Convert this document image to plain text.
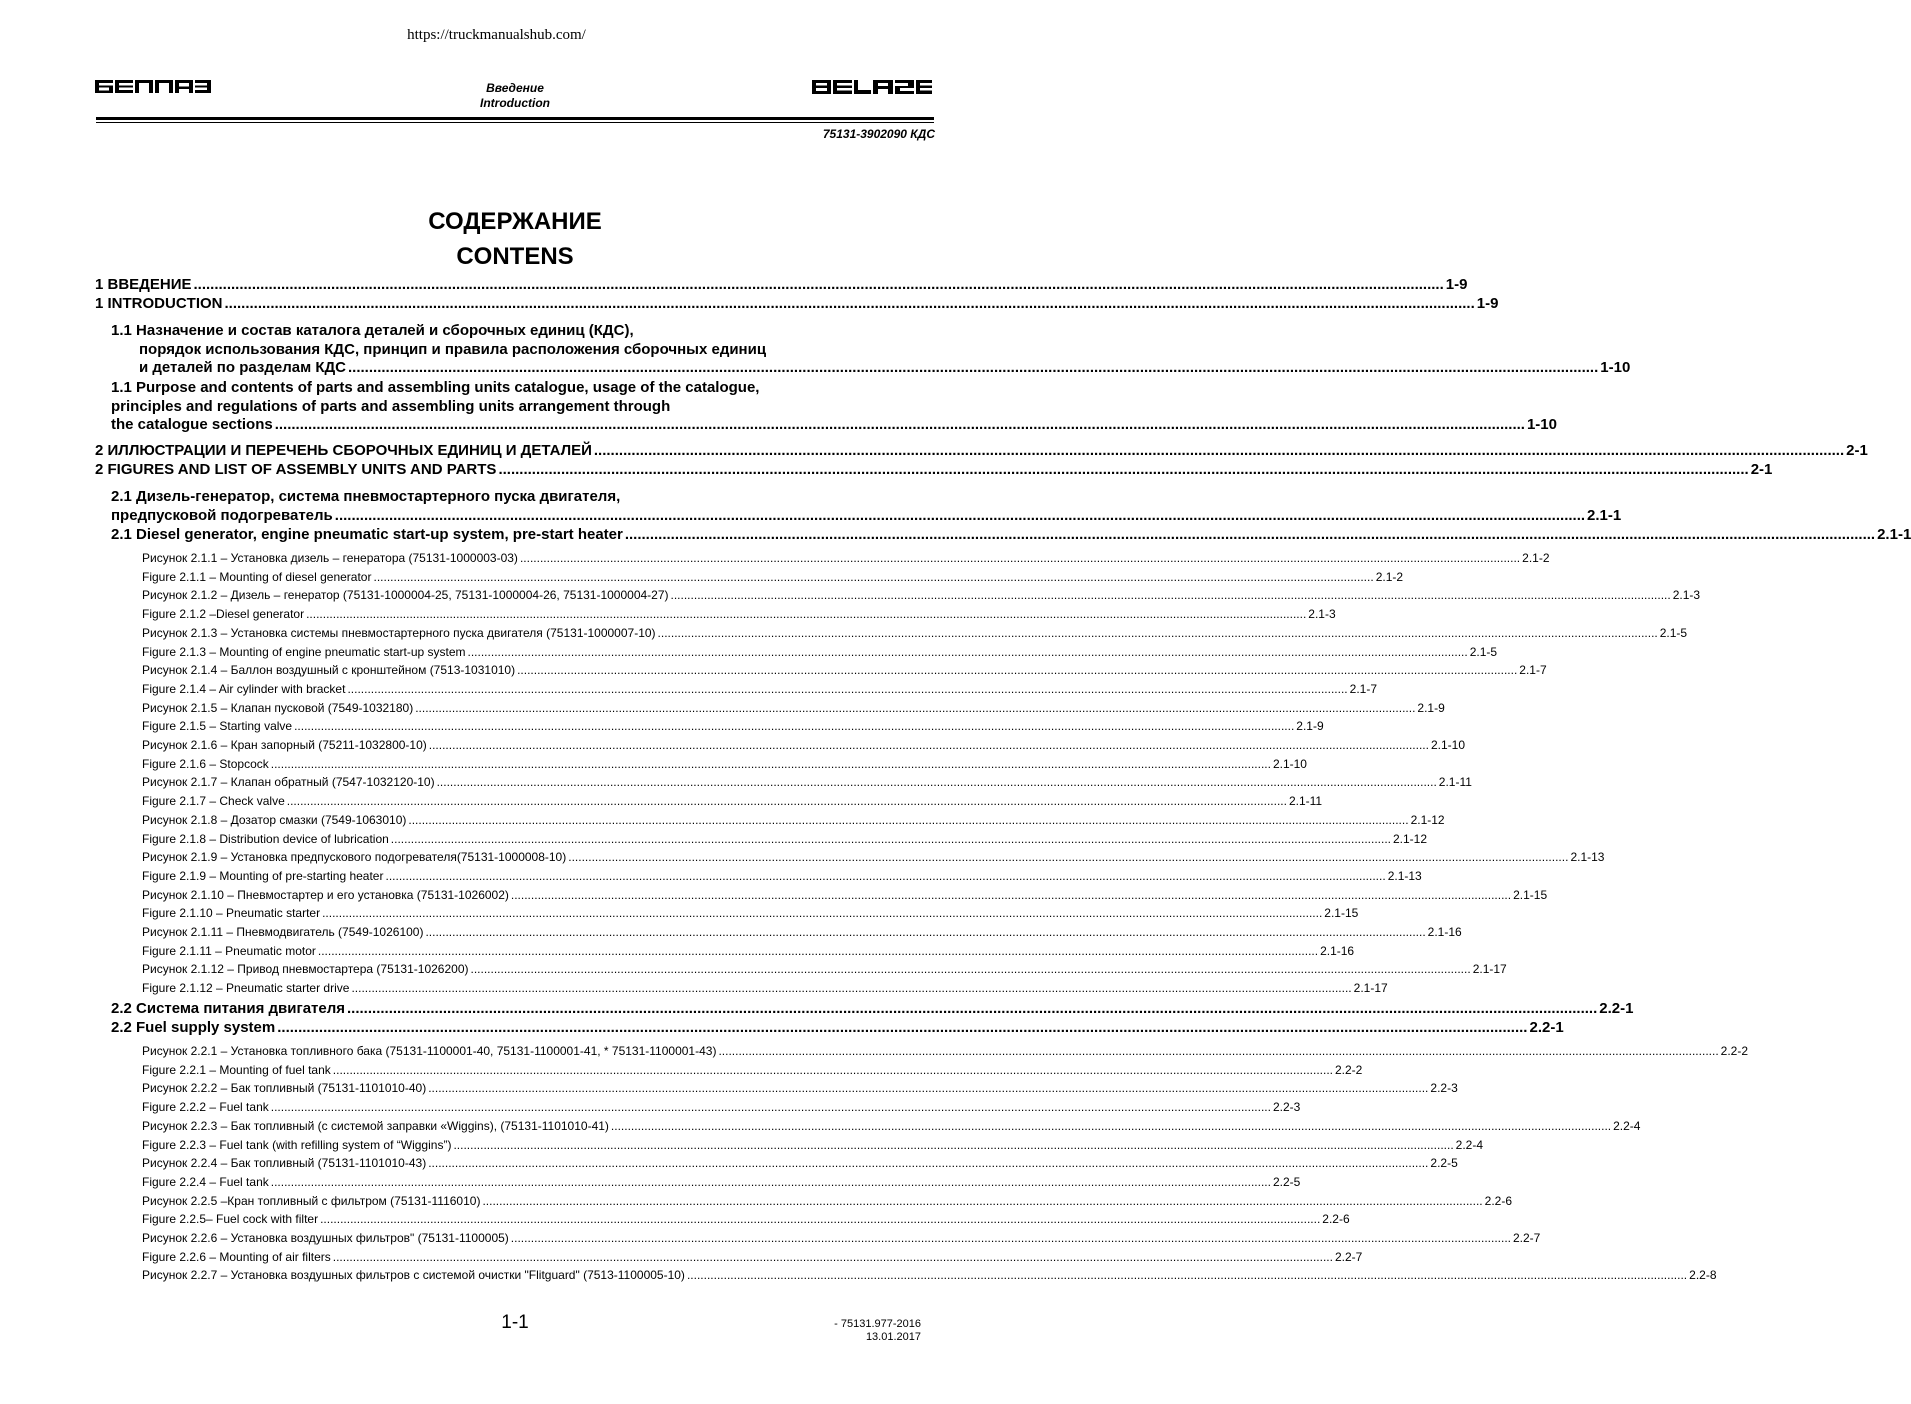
https://truckmanualshub.com/
Введение
Introduction
75131-3902090 КДС
СОДЕРЖАНИЕ
CONTENS
1 ВВЕДЕНИЕ ............................................................................................................................................................................................................................................................................................................ 1-9
1 INTRODUCTION ............................................................................................................................................................................................................................................................................................................ 1-9
1.1 Назначение и состав каталога деталей и сборочных единиц (КДС),
порядок использования КДС, принцип и правила расположения сборочных единиц
и деталей по разделам КДС ............................................................................................................................................................................................................................................................................................................ 1-10
1.1 Purpose and contents of parts and assembling units catalogue, usage of the catalogue,
principles and regulations of parts and assembling units arrangement through
the catalogue sections ............................................................................................................................................................................................................................................................................................................ 1-10
2 ИЛЛЮСТРАЦИИ И ПЕРЕЧЕНЬ СБОРОЧНЫХ ЕДИНИЦ И ДЕТАЛЕЙ ............................................................................................................................................................................................................................................................................................................ 2-1
2 FIGURES AND LIST OF ASSEMBLY UNITS AND PARTS ............................................................................................................................................................................................................................................................................................................ 2-1
2.1 Дизель-генератор, система пневмостартерного пуска двигателя,
предпусковой подогреватель ............................................................................................................................................................................................................................................................................................................ 2.1-1
2.1 Diesel generator, engine pneumatic start-up system, pre-start heater ............................................................................................................................................................................................................................................................................................................ 2.1-1
Рисунок 2.1.1 – Установка дизель – генератора (75131-1000003-03) ............................................................................................................................................................................................................................................................................................................ 2.1-2
Figure 2.1.1 – Mounting of diesel generator ............................................................................................................................................................................................................................................................................................................ 2.1-2
Рисунок 2.1.2 – Дизель – генератор (75131-1000004-25, 75131-1000004-26, 75131-1000004-27) ............................................................................................................................................................................................................................................................................................................ 2.1-3
Figure 2.1.2 –Diesel generator ............................................................................................................................................................................................................................................................................................................ 2.1-3
Рисунок 2.1.3 – Установка системы пневмостартерного пуска двигателя (75131-1000007-10) ............................................................................................................................................................................................................................................................................................................ 2.1-5
Figure 2.1.3 – Mounting of engine pneumatic start-up system ............................................................................................................................................................................................................................................................................................................ 2.1-5
Рисунок 2.1.4 – Баллон воздушный с кронштейном (7513-1031010) ............................................................................................................................................................................................................................................................................................................ 2.1-7
Figure 2.1.4 – Air cylinder with bracket ............................................................................................................................................................................................................................................................................................................ 2.1-7
Рисунок 2.1.5 – Клапан пусковой (7549-1032180) ............................................................................................................................................................................................................................................................................................................ 2.1-9
Figure 2.1.5 – Starting valve ............................................................................................................................................................................................................................................................................................................ 2.1-9
Рисунок 2.1.6 – Кран запорный (75211-1032800-10) ............................................................................................................................................................................................................................................................................................................ 2.1-10
Figure 2.1.6 – Stopcock ............................................................................................................................................................................................................................................................................................................ 2.1-10
Рисунок 2.1.7 – Клапан обратный (7547-1032120-10) ............................................................................................................................................................................................................................................................................................................ 2.1-11
Figure 2.1.7 – Check valve ............................................................................................................................................................................................................................................................................................................ 2.1-11
Рисунок 2.1.8 – Дозатор смазки (7549-1063010) ............................................................................................................................................................................................................................................................................................................ 2.1-12
Figure 2.1.8 – Distribution device of lubrication ............................................................................................................................................................................................................................................................................................................ 2.1-12
Рисунок 2.1.9 – Установка предпускового подогревателя(75131-1000008-10) ............................................................................................................................................................................................................................................................................................................ 2.1-13
Figure 2.1.9 – Mounting of pre-starting heater ............................................................................................................................................................................................................................................................................................................ 2.1-13
Рисунок 2.1.10 – Пневмостартер и его установка (75131-1026002) ............................................................................................................................................................................................................................................................................................................ 2.1-15
Figure 2.1.10 – Pneumatic starter ............................................................................................................................................................................................................................................................................................................ 2.1-15
Рисунок 2.1.11 – Пневмодвигатель (7549-1026100) ............................................................................................................................................................................................................................................................................................................ 2.1-16
Figure 2.1.11 – Pneumatic motor ............................................................................................................................................................................................................................................................................................................ 2.1-16
Рисунок 2.1.12 – Привод пневмостартера (75131-1026200) ............................................................................................................................................................................................................................................................................................................ 2.1-17
Figure 2.1.12 – Pneumatic starter drive ............................................................................................................................................................................................................................................................................................................ 2.1-17
2.2 Система питания двигателя ............................................................................................................................................................................................................................................................................................................ 2.2-1
2.2 Fuel supply system ............................................................................................................................................................................................................................................................................................................ 2.2-1
Рисунок 2.2.1 – Установка топливного бака (75131-1100001-40, 75131-1100001-41, * 75131-1100001-43) ............................................................................................................................................................................................................................................................................................................ 2.2-2
Figure 2.2.1 – Mounting of fuel tank ............................................................................................................................................................................................................................................................................................................ 2.2-2
Рисунок 2.2.2 – Бак топливный (75131-1101010-40) ............................................................................................................................................................................................................................................................................................................ 2.2-3
Figure 2.2.2 – Fuel tank ............................................................................................................................................................................................................................................................................................................ 2.2-3
Рисунок 2.2.3 – Бак топливный (с системой заправки «Wiggins), (75131-1101010-41) ............................................................................................................................................................................................................................................................................................................ 2.2-4
Figure 2.2.3 – Fuel tank (with refilling system of “Wiggins”) ............................................................................................................................................................................................................................................................................................................ 2.2-4
Рисунок 2.2.4 – Бак топливный (75131-1101010-43) ............................................................................................................................................................................................................................................................................................................ 2.2-5
Figure 2.2.4 – Fuel tank ............................................................................................................................................................................................................................................................................................................ 2.2-5
Рисунок 2.2.5 –Кран топливный с фильтром (75131-1116010) ............................................................................................................................................................................................................................................................................................................ 2.2-6
Figure 2.2.5– Fuel cock with filter ............................................................................................................................................................................................................................................................................................................ 2.2-6
Рисунок 2.2.6 – Установка воздушных фильтров" (75131-1100005) ............................................................................................................................................................................................................................................................................................................ 2.2-7
Figure 2.2.6 – Mounting of air filters ............................................................................................................................................................................................................................................................................................................ 2.2-7
Рисунок 2.2.7 – Установка воздушных фильтров с системой очистки "Flitguard" (7513-1100005-10) ............................................................................................................................................................................................................................................................................................................ 2.2-8
1-1	- 75131.977-2016
13.01.2017
